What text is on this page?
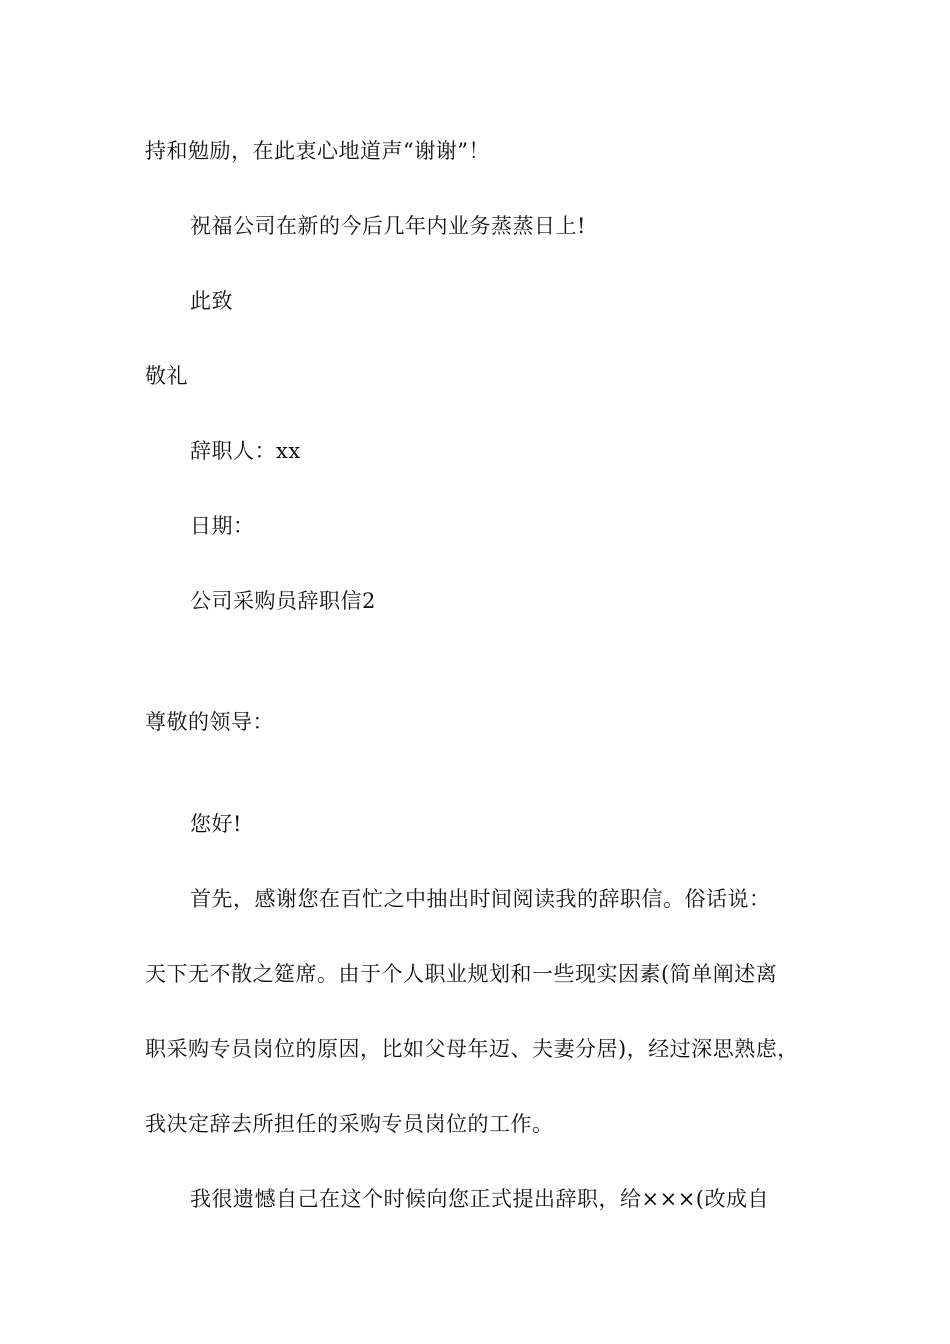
持和勉励，在此衷心地道声“谢谢”！
祝福公司在新的今后几年内业务蒸蒸日上!
此致
敬礼
辞职人：xx
日期：
公司采购员辞职信2
尊敬的领导：
您好!
首先，感谢您在百忙之中抽出时间阅读我的辞职信。俗话说：
天下无不散之筵席。由于个人职业规划和一些现实因素(简单阐述离
职采购专员岗位的原因，比如父母年迈、夫妻分居)，经过深思熟虑，
我决定辞去所担任的采购专员岗位的工作。
我很遗憾自己在这个时候向您正式提出辞职，给×××(改成自
